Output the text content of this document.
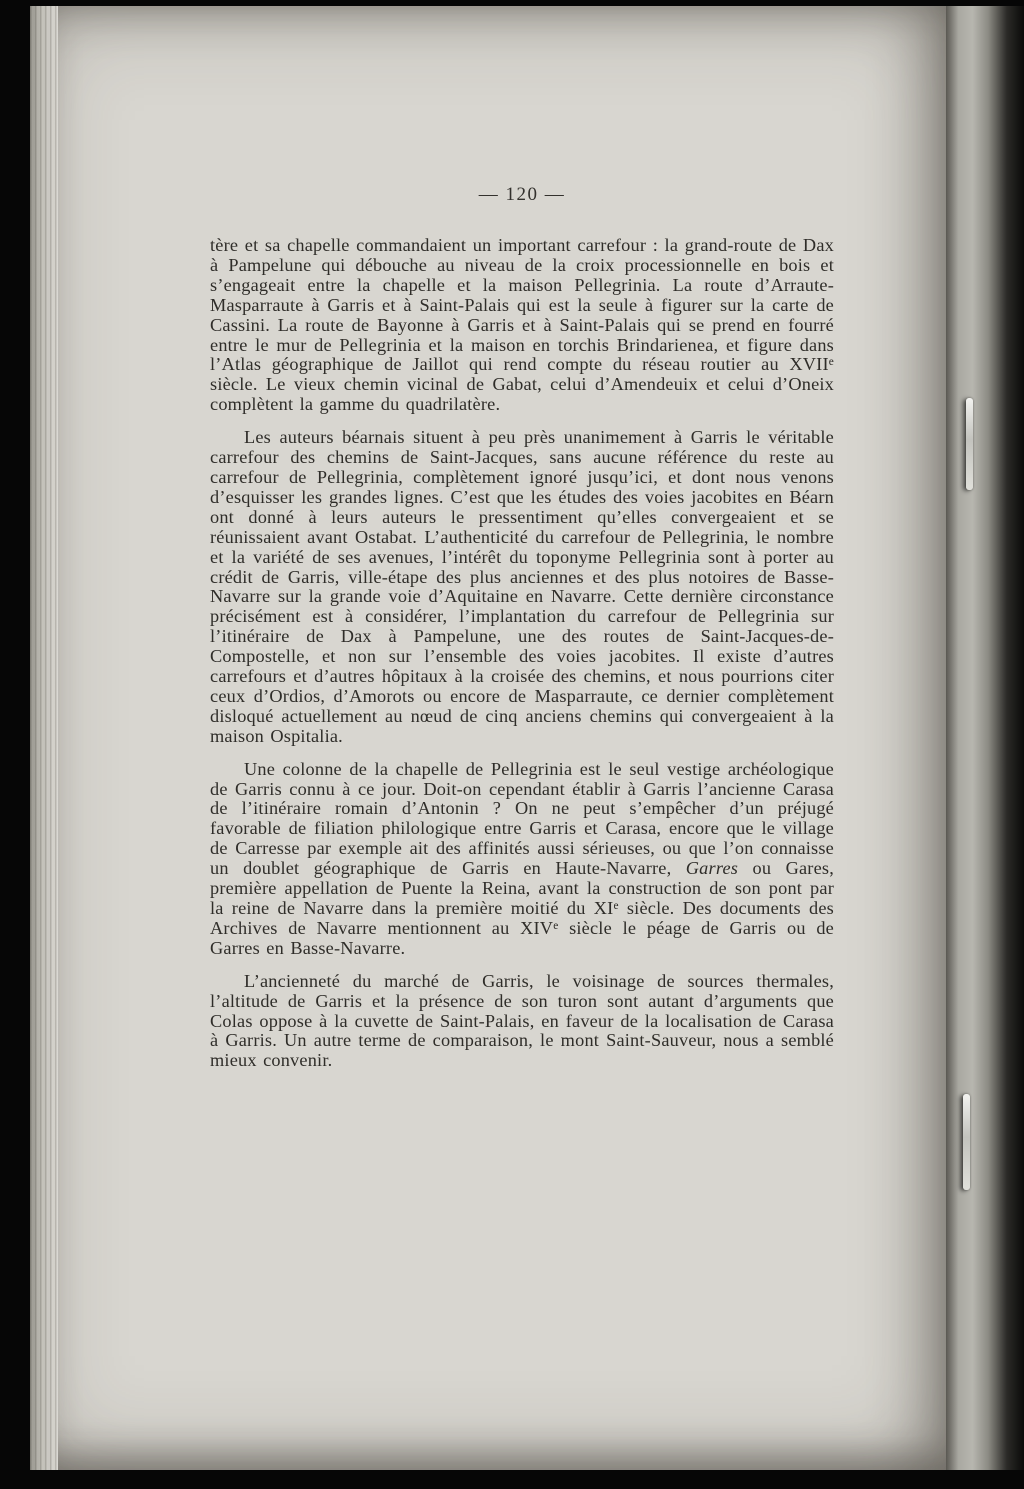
— 120 —

tère et sa chapelle commandaient un important carrefour : la grand-route de Dax à Pampelune qui débouche au niveau de la croix processionnelle en bois et s’engageait entre la chapelle et la maison Pellegrinia. La route d’Arraute-Masparraute à Garris et à Saint-Palais qui est la seule à figurer sur la carte de Cassini. La route de Bayonne à Garris et à Saint-Palais qui se prend en fourré entre le mur de Pellegrinia et la maison en torchis Brindarienea, et figure dans l’Atlas géographique de Jaillot qui rend compte du réseau routier au XVIIe siècle. Le vieux chemin vicinal de Gabat, celui d’Amendeuix et celui d’Oneix complètent la gamme du quadrilatère.

Les auteurs béarnais situent à peu près unanimement à Garris le véritable carrefour des chemins de Saint-Jacques, sans aucune référence du reste au carrefour de Pellegrinia, complètement ignoré jusqu’ici, et dont nous venons d’esquisser les grandes lignes. C’est que les études des voies jacobites en Béarn ont donné à leurs auteurs le pressentiment qu’elles convergeaient et se réunissaient avant Ostabat. L’authenticité du carrefour de Pellegrinia, le nombre et la variété de ses avenues, l’intérêt du toponyme Pellegrinia sont à porter au crédit de Garris, ville-étape des plus anciennes et des plus notoires de Basse-Navarre sur la grande voie d’Aquitaine en Navarre. Cette dernière circonstance précisément est à considérer, l’implantation du carrefour de Pellegrinia sur l’itinéraire de Dax à Pampelune, une des routes de Saint-Jacques-de-Compostelle, et non sur l’ensemble des voies jacobites. Il existe d’autres carrefours et d’autres hôpitaux à la croisée des chemins, et nous pourrions citer ceux d’Ordios, d’Amorots ou encore de Masparraute, ce dernier complètement disloqué actuellement au nœud de cinq anciens chemins qui convergeaient à la maison Ospitalia.

Une colonne de la chapelle de Pellegrinia est le seul vestige archéologique de Garris connu à ce jour. Doit-on cependant établir à Garris l’ancienne Carasa de l’itinéraire romain d’Antonin ? On ne peut s’empêcher d’un préjugé favorable de filiation philologique entre Garris et Carasa, encore que le village de Carresse par exemple ait des affinités aussi sérieuses, ou que l’on connaisse un doublet géographique de Garris en Haute-Navarre, Garres ou Gares, première appellation de Puente la Reina, avant la construction de son pont par la reine de Navarre dans la première moitié du XIe siècle. Des documents des Archives de Navarre mentionnent au XIVe siècle le péage de Garris ou de Garres en Basse-Navarre.

L’ancienneté du marché de Garris, le voisinage de sources thermales, l’altitude de Garris et la présence de son turon sont autant d’arguments que Colas oppose à la cuvette de Saint-Palais, en faveur de la localisation de Carasa à Garris. Un autre terme de comparaison, le mont Saint-Sauveur, nous a semblé mieux convenir.
